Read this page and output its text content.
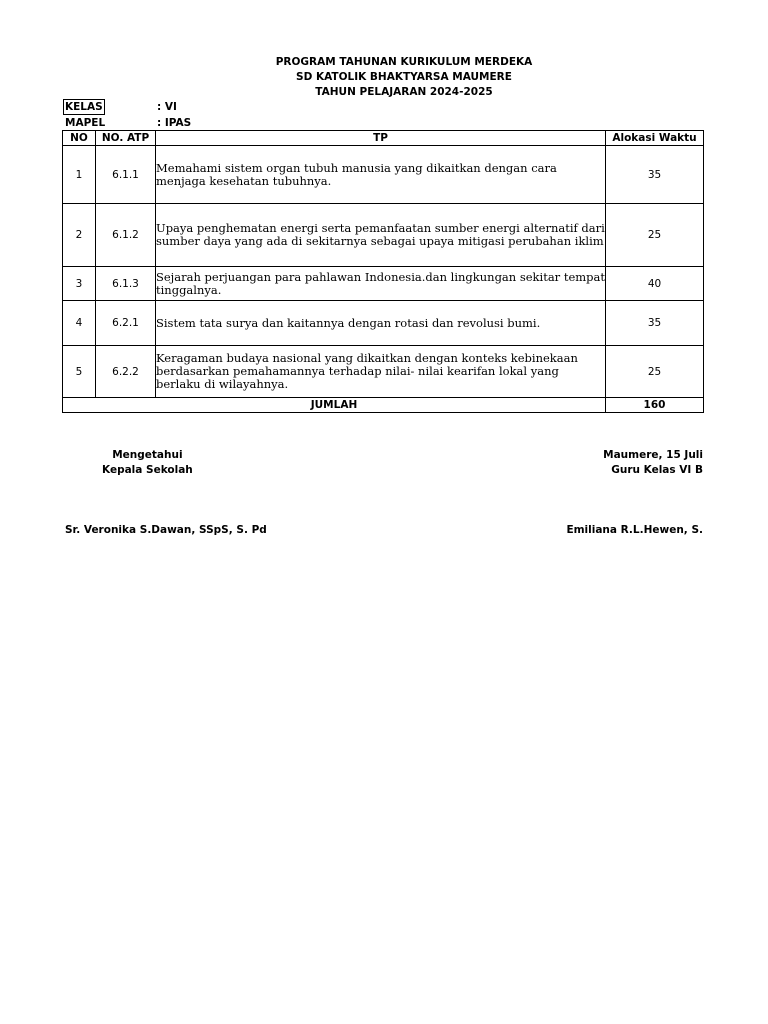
PROGRAM TAHUNAN KURIKULUM MERDEKA
SD KATOLIK BHAKTYARSA MAUMERE
TAHUN PELAJARAN 2024-2025
KELAS	: VI
MAPEL	: IPAS
NO	NO. ATP	TP	Alokasi Waktu
1	6.1.1	Memahami sistem organ tubuh manusia yang dikaitkan dengan cara menjaga kesehatan tubuhnya.	35
2	6.1.2	Upaya penghematan energi serta pemanfaatan sumber energi alternatif dari sumber daya yang ada di sekitarnya sebagai upaya mitigasi perubahan iklim	25
3	6.1.3	Sejarah perjuangan para pahlawan Indonesia.dan lingkungan sekitar tempat tinggalnya.	40
4	6.2.1	Sistem tata surya dan kaitannya dengan rotasi dan revolusi bumi.	35
5	6.2.2	Keragaman budaya nasional yang dikaitkan dengan konteks kebinekaan berdasarkan pemahamannya terhadap nilai- nilai kearifan lokal yang berlaku di wilayahnya.	25
JUMLAH			160
Mengetahui
Kepala Sekolah
Maumere, 15 Juli
Guru Kelas VI B
Sr. Veronika S.Dawan, SSpS, S. Pd	Emiliana R.L.Hewen, S.
